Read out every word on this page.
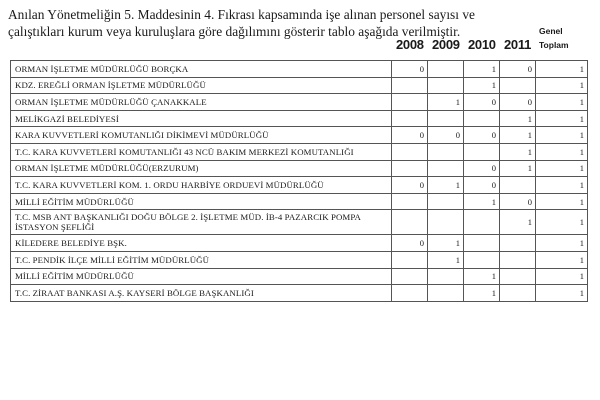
Anılan Yönetmeliğin 5. Maddesinin 4. Fıkrası kapsamında işe alınan personel sayısı ve
çalıştıkları kurum veya kuruluşlara göre dağılımını gösterir tablo aşağıda verilmiştir.

2008 2009 2010 2011
Genel
Toplam
ORMAN İŞLETME MÜDÜRLÜĞÜ BORÇKA	0		1	0	1
KDZ. EREĞLİ ORMAN İŞLETME MÜDÜRLÜĞÜ			1		1
ORMAN İŞLETME MÜDÜRLÜĞÜ ÇANAKKALE		1	0	0	1
MELİKGAZİ BELEDİYESİ				1	1
KARA KUVVETLERİ KOMUTANLIĞI DİKİMEVİ MÜDÜRLÜĞÜ	0	0	0	1	1
T.C. KARA KUVVETLERİ KOMUTANLIĞI 43 NCÜ BAKIM MERKEZİ KOMUTANLIĞI				1	1
ORMAN İŞLETME MÜDÜRLÜĞÜ(ERZURUM)			0	1	1
T.C. KARA KUVVETLERİ KOM. 1. ORDU HARBİYE ORDUEVİ MÜDÜRLÜĞÜ	0	1	0		1
MİLLİ EĞİTİM MÜDÜRLÜĞÜ			1	0	1
T.C. MSB ANT BAŞKANLIĞI DOĞU BÖLGE 2. İŞLETME MÜD. İB-4 PAZARCIK POMPA İSTASYON ŞEFLİĞİ				1	1
KİLEDERE BELEDİYE BŞK.	0	1			1
T.C. PENDİK İLÇE MİLLİ EĞİTİM MÜDÜRLÜĞÜ		1			1
MİLLİ EĞİTİM MÜDÜRLÜĞÜ			1		1
T.C. ZİRAAT BANKASI A.Ş. KAYSERİ BÖLGE BAŞKANLIĞI			1		1
